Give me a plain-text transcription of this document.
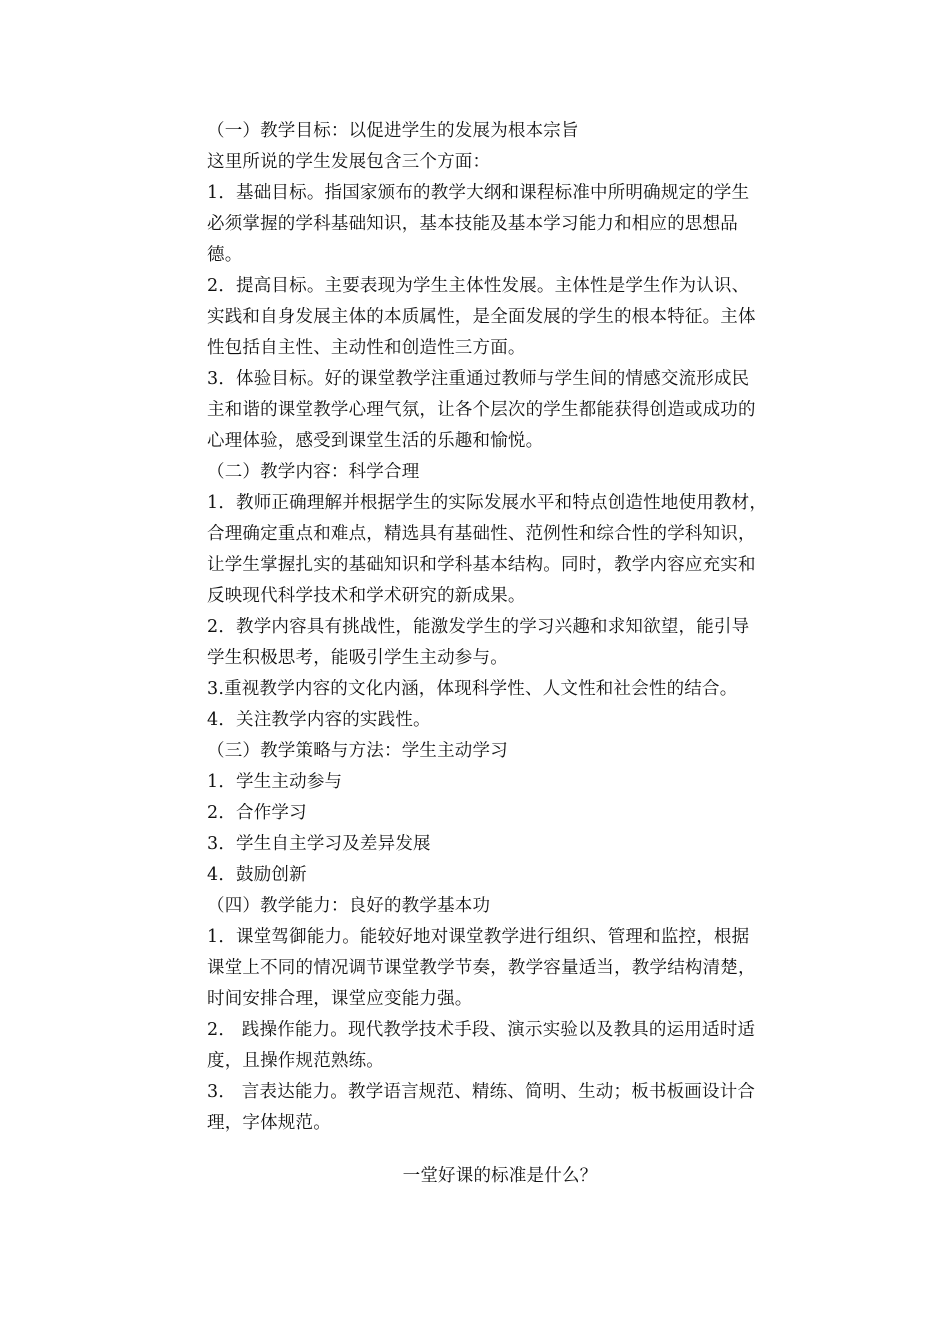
（一）教学目标：以促进学生的发展为根本宗旨
这里所说的学生发展包含三个方面：
1．基础目标。指国家颁布的教学大纲和课程标准中所明确规定的学生
必须掌握的学科基础知识，基本技能及基本学习能力和相应的思想品
德。
2．提高目标。主要表现为学生主体性发展。主体性是学生作为认识、
实践和自身发展主体的本质属性，是全面发展的学生的根本特征。主体
性包括自主性、主动性和创造性三方面。
3．体验目标。好的课堂教学注重通过教师与学生间的情感交流形成民
主和谐的课堂教学心理气氛，让各个层次的学生都能获得创造或成功的
心理体验，感受到课堂生活的乐趣和愉悦。
（二）教学内容：科学合理
1．教师正确理解并根据学生的实际发展水平和特点创造性地使用教材，
合理确定重点和难点，精选具有基础性、范例性和综合性的学科知识，
让学生掌握扎实的基础知识和学科基本结构。同时，教学内容应充实和
反映现代科学技术和学术研究的新成果。
2．教学内容具有挑战性，能激发学生的学习兴趣和求知欲望，能引导
学生积极思考，能吸引学生主动参与。
3.重视教学内容的文化内涵，体现科学性、人文性和社会性的结合。
4．关注教学内容的实践性。
（三）教学策略与方法：学生主动学习
1．学生主动参与
2．合作学习
3．学生自主学习及差异发展
4．鼓励创新
（四）教学能力：良好的教学基本功
1．课堂驾御能力。能较好地对课堂教学进行组织、管理和监控，根据
课堂上不同的情况调节课堂教学节奏，教学容量适当，教学结构清楚，
时间安排合理，课堂应变能力强。
2． 践操作能力。现代教学技术手段、演示实验以及教具的运用适时适
度，且操作规范熟练。
3． 言表达能力。教学语言规范、精练、简明、生动；板书板画设计合
理，字体规范。
一堂好课的标准是什么？
